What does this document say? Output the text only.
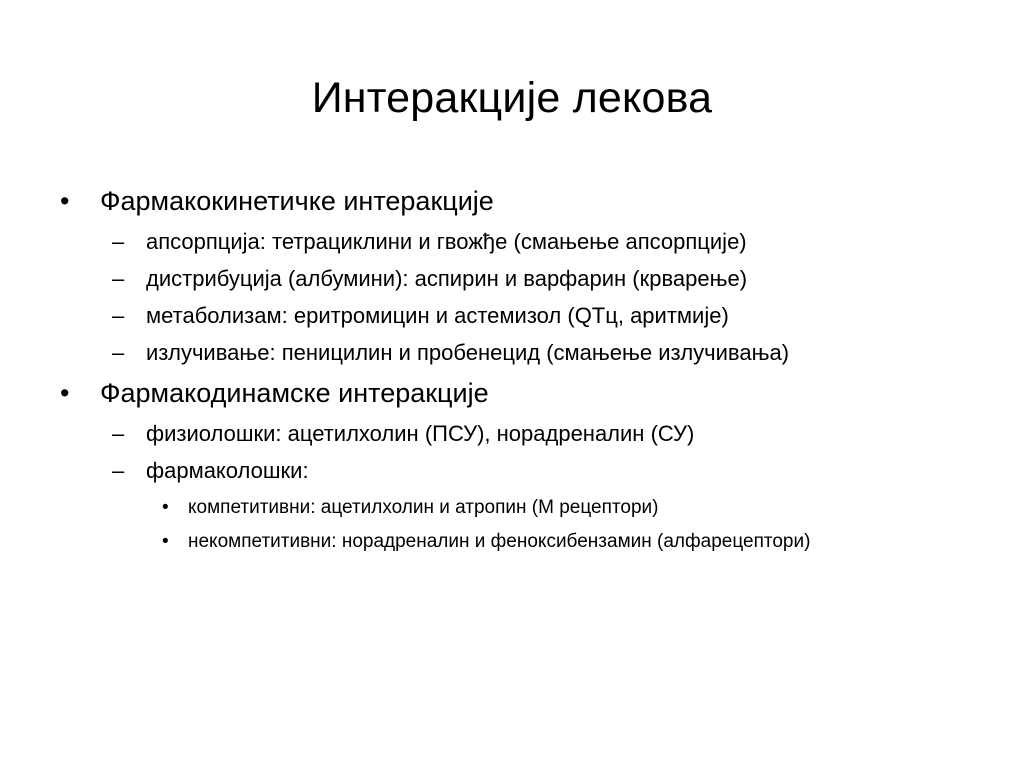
Интеракције лекова
•	Фармакокинетичке интеракције
– апсорпција: тетрациклини и гвожђе (смањење апсорпције)
– дистрибуција (албумини): аспирин и варфарин (крварење)
– метаболизам: еритромицин и астемизол (QTц, аритмије)
– излучивање: пеницилин и пробенецид (смањење излучивања)
•	Фармакодинамске интеракције
– физиолошки: ацетилхолин (ПСУ), норадреналин (СУ)
– фармаколошки:
•	компетитивни: ацетилхолин и атропин (М рецептори)
•	некомпетитивни: норадреналин и феноксибензамин (алфарецептори)
